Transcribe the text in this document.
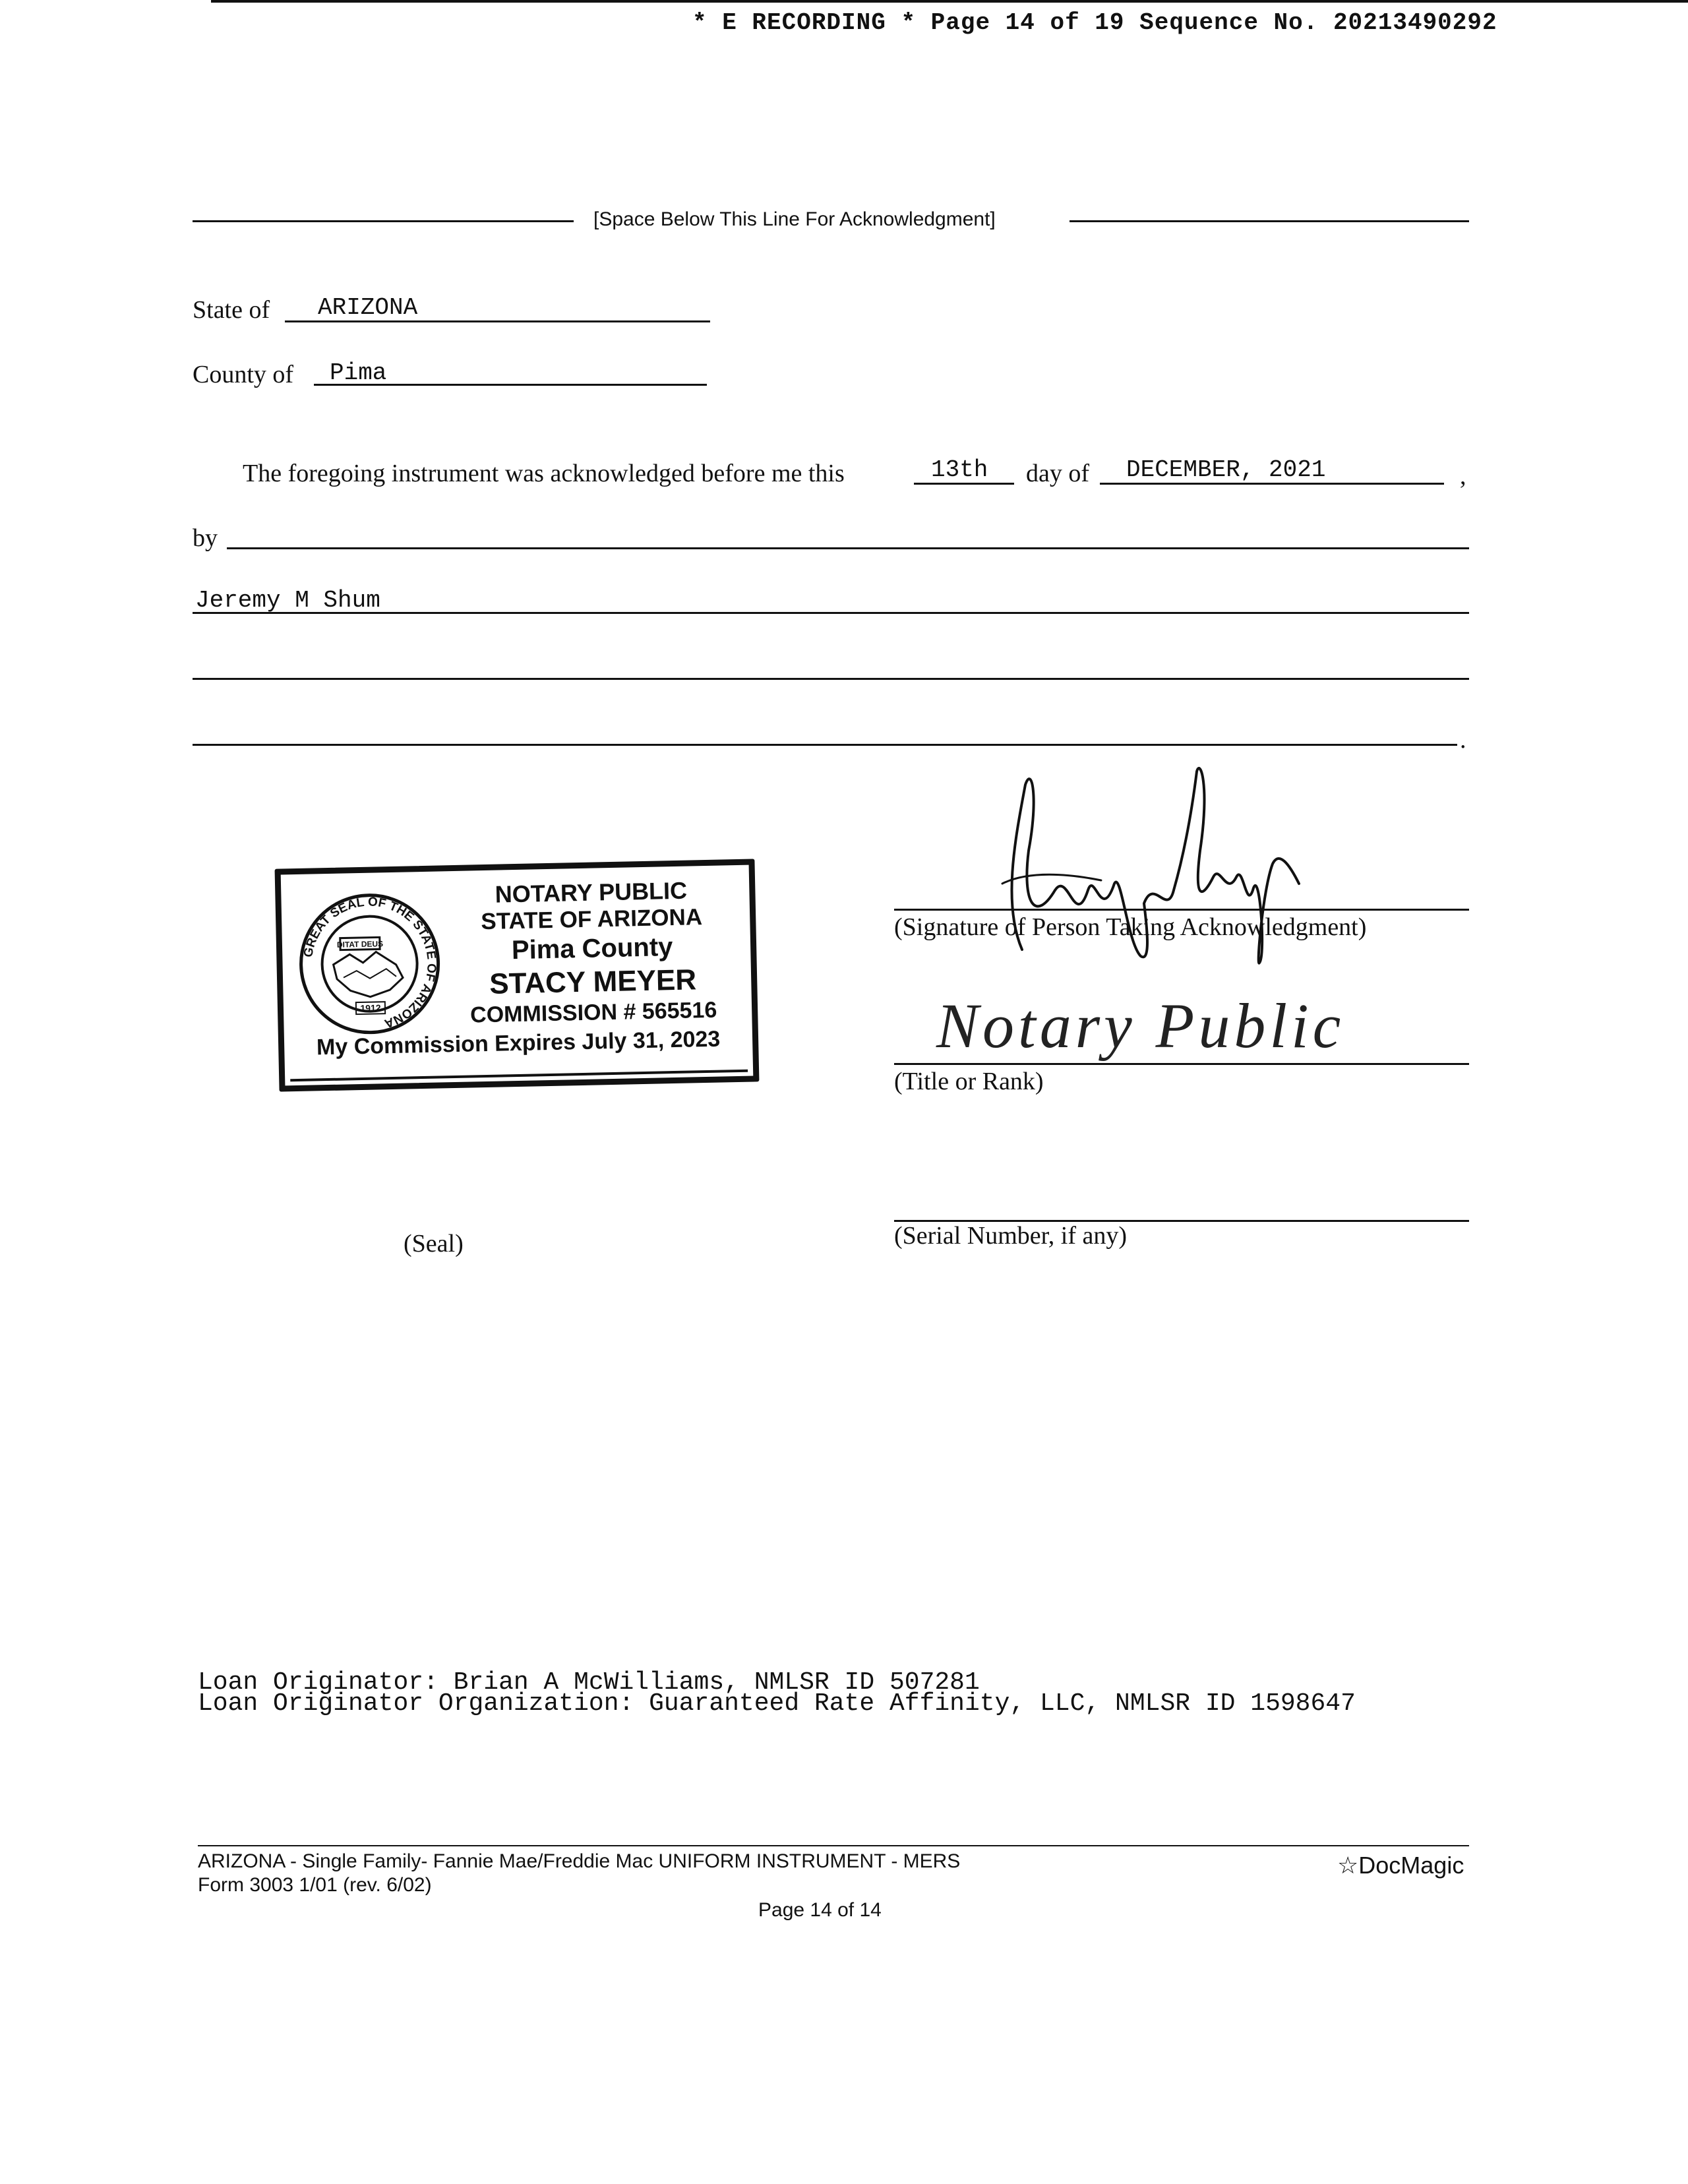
* E RECORDING * Page 14 of 19 Sequence No. 20213490292
[Space Below This Line For Acknowledgment]
State of ARIZONA
County of Pima
The foregoing instrument was acknowledged before me this	13th day of DECEMBER, 2021	,
by
Jeremy M Shum
.
GREAT SEAL OF THE STATE OF ARIZONA
DITAT DEUS
1912
NOTARY PUBLIC
STATE OF ARIZONA
Pima County
STACY MEYER
COMMISSION # 565516
My Commission Expires July 31, 2023
(Signature of Person Taking Acknowledgment)
Notary Public
(Title or Rank)
(Serial Number, if any)
(Seal)
Loan Originator: Brian A McWilliams, NMLSR ID 507281
Loan Originator Organization: Guaranteed Rate Affinity, LLC, NMLSR ID 1598647
ARIZONA - Single Family- Fannie Mae/Freddie Mac UNIFORM INSTRUMENT - MERS
Form 3003 1/01 (rev. 6/02)
Page 14 of 14
☆DocMagic
